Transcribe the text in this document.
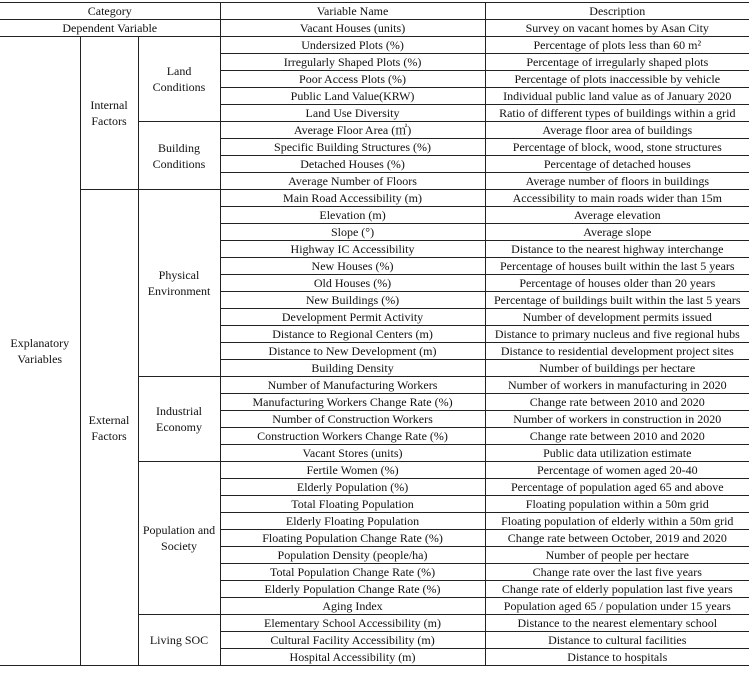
Category			Variable Name	Description
Dependent Variable			Vacant Houses (units)	Survey on vacant homes by Asan City
Explanatory Variables	Internal Factors	Land Conditions	Undersized Plots (%)	Percentage of plots less than 60 m²
			Irregularly Shaped Plots (%)	Percentage of irregularly shaped plots
			Poor Access Plots (%)	Percentage of plots inaccessible by vehicle
			Public Land Value(KRW)	Individual public land value as of January 2020
			Land Use Diversity	Ratio of different types of buildings within a grid
		Building Conditions	Average Floor Area (㎡)	Average floor area of buildings
			Specific Building Structures (%)	Percentage of block, wood, stone structures
			Detached Houses (%)	Percentage of detached houses
			Average Number of Floors	Average number of floors in buildings
	External Factors	Physical Environment	Main Road Accessibility (m)	Accessibility to main roads wider than 15m
			Elevation (m)	Average elevation
			Slope (°)	Average slope
			Highway IC Accessibility	Distance to the nearest highway interchange
			New Houses (%)	Percentage of houses built within the last 5 years
			Old Houses (%)	Percentage of houses older than 20 years
			New Buildings (%)	Percentage of buildings built within the last 5 years
			Development Permit Activity	Number of development permits issued
			Distance to Regional Centers (m)	Distance to primary nucleus and five regional hubs
			Distance to New Development (m)	Distance to residential development project sites
			Building Density	Number of buildings per hectare
		Industrial Economy	Number of Manufacturing Workers	Number of workers in manufacturing in 2020
			Manufacturing Workers Change Rate (%)	Change rate between 2010 and 2020
			Number of Construction Workers	Number of workers in construction in 2020
			Construction Workers Change Rate (%)	Change rate between 2010 and 2020
			Vacant Stores (units)	Public data utilization estimate
		Population and Society	Fertile Women (%)	Percentage of women aged 20-40
			Elderly Population (%)	Percentage of population aged 65 and above
			Total Floating Population	Floating population within a 50m grid
			Elderly Floating Population	Floating population of elderly within a 50m grid
			Floating Population Change Rate (%)	Change rate between October, 2019 and 2020
			Population Density (people/ha)	Number of people per hectare
			Total Population Change Rate (%)	Change rate over the last five years
			Elderly Population Change Rate (%)	Change rate of elderly population last five years
			Aging Index	Population aged 65 / population under 15 years
		Living SOC	Elementary School Accessibility (m)	Distance to the nearest elementary school
			Cultural Facility Accessibility (m)	Distance to cultural facilities
			Hospital Accessibility (m)	Distance to hospitals
